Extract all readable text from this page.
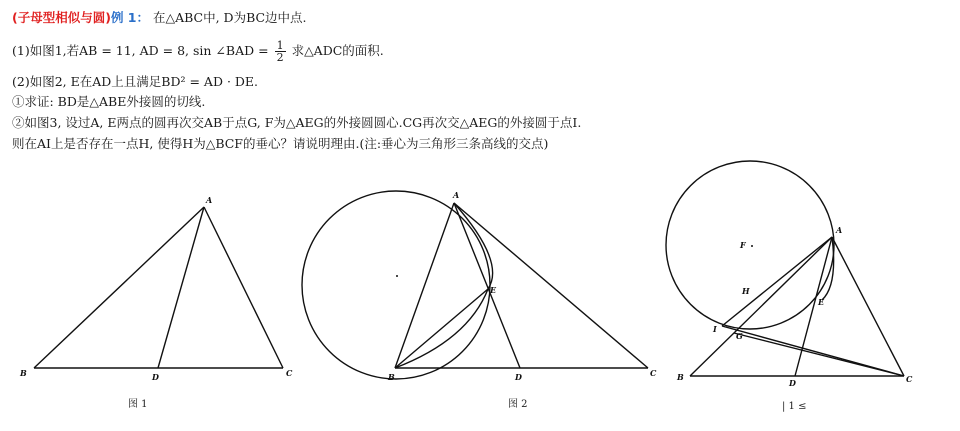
(子母型相似与圆)例 1： 在△ABC中, D为BC边中点.
(1)如图1,若AB = 11, AD = 8, sin ∠BAD = $\frac{1}{2}$ 求△ADC的面积.
(2)如图2, E在AD上且满足BD² = AD · DE.
①求证: BD是△ABE外接圆的切线.
②如图3, 设过A, E两点的圆再次交AB于点G, F为△AEG的外接圆圆心.CG再次交△AEG的外接圆于点I.
则在AI上是否存在一点H, 使得H为△BCF的垂心？请说明理由.(注:垂心为三角形三条高线的交点)
A
B	C
D
图 1
A
B	C
D
E
图 2
A
B	C
D
E
F
G
H
I
| 1 ≤
